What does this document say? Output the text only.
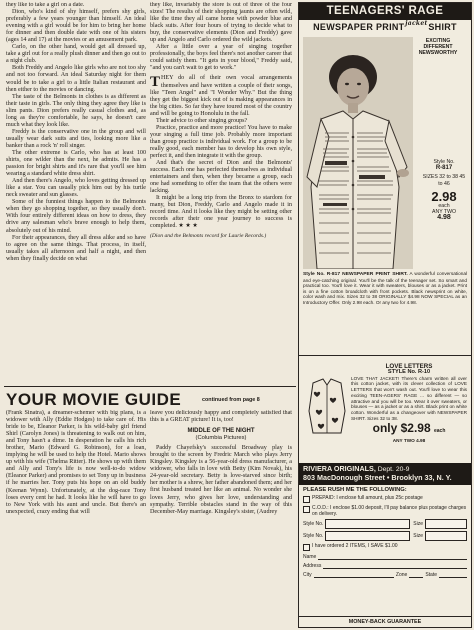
they like to take a girl on a date.

Dion, who's kind of shy himself, prefers shy girls, preferably a few years younger than himself. An ideal evening with a girl would be for him to bring her home for dinner and then double date with one of his sisters (ages 14 and 17) at the movies or an amusement park.

Carlo, on the other hand, would get all dressed up, take a girl out for a really plush dinner and then go out to a night club.

Both Freddy and Angelo like girls who are not too shy and not too forward. An ideal Saturday night for them would be to take a girl to a little Italian restaurant and then either to the movies or dancing.

The taste of the Belmonts in clothes is as different as their taste in girls. The only thing they agree they like is slim pants. Dion prefers really casual clothes and, as long as they're comfortable, he says, he doesn't care much what they look like.

Freddy is the conservative one in the group and will usually wear dark suits and ties, looking more like a banker than a rock 'n' roll singer.

The other extreme is Carlo, who has at least 100 shirts, one wilder than the next, he admits. He has a passion for bright shirts and it's rare that you'll see him wearing a standard white dress shirt.

And then there's Angelo, who loves getting dressed up like a star. You can usually pick him out by his turtle neck sweater and sun glasses.

Some of the funniest things happen to the Belmonts when they go shopping together, so they usually don't. With four entirely different ideas on how to dress, they drive any salesman who's brave enough to help them, absolutely out of his mind.

For their appearances, they all dress alike and so have to agree on the same things. That process, in itself, usually takes all afternoon and half a night, and then when they finally decide on what

they like, invariably the store is out of three of the four sizes! The results of their shopping jaunts are often wild, like the time they all came home with powder blue and black suits. After four hours of trying to decide what to buy, the conservative elements (Dion and Freddy) gave up and Angelo and Carlo ordered the wild jackets.

After a little over a year of singing together professionally, the boys feel there's not another career that could satisfy them. "It gets in your blood," Freddy said, "and you can't wait to get to work."

THEY do all of their own vocal arrangements themselves and have written a couple of their songs, like "Teen Angel" and "I Wonder Why." But the thing they get the biggest kick out of is making appearances in the big cities. So far they have toured most of the country and will be going to Honolulu in the fall.

Their advice to other singing groups?

Practice, practice and more practice! You have to make your singing a full time job. Probably more important than group practice is individual work. For a group to be really good, each member has to develop his own style, perfect it, and then integrate it with the group.

And that's the secret of Dion and the Belmonts' success. Each one has perfected themselves as individual entertainers and then, when they became a group, each one had something to offer the team that the others were lacking.

It might be a long trip from the Bronx to stardom for many, but Dion, Freddy, Carlo and Angelo made it in record time. And it looks like they might be setting other records after their one year journey to success is completed. ★ ★ ★

(Dion and the Belmonts record for Laurie Records.)

YOUR MOVIE GUIDE	continued from page 8

(Frank Sinatra), a dreamer-schemer with big plans, is a widower with Ally (Eddie Hodges) to take care of. His bride to be, Eleanor Parker, is his wild-baby girl friend Shirl (Carolyn Jones) is threatening to walk out on him, and Tony hasn't a dime. In desperation he calls his rich brother, Mario (Edward G. Robinson), for a loan, implying he will be used to help the Hotel. Mario shows up with his wife (Thelma Ritter). He shows up with them and Ally and Tony's life is now well-to-do widow (Eleanor Parker) and promises to set Tony up in business if he marries her. Tony puts his hope on an old buddy (Keenan Wynn). Unfortunately, at the dog-race Tony loses every cent he had. It looks like he will have to go to New York with his aunt and uncle. But there's an unexpected, crazy ending that will

leave you deliciously happy and completely satisfied that this is a GREAT picture! It is, too!

MIDDLE OF THE NIGHT

(Columbia Pictures)

Paddy Chayefsky's successful Broadway play is brought to the screen by Fredric March who plays Jerry Kingsley. Kingsley is a 56-year-old dress manufacturer, a widower, who falls in love with Betty (Kim Novak), his 24-year-old secretary. Betty is love-starved since birth; her mother is a shrew, her father abandoned them; and her first husband treated her like an animal. No wonder she loves Jerry, who gives her love, understanding and sympathy. Terrible obstacles stand in the way of this December-May marriage. Kingsley's sister, (Audrey

TEENAGERS' RAGE
NEWSPAPER PRINT $^{jacket}$ SHIRT
EXCITING DIFFERENT NEWSWORTHY
Style No.
R-817
SIZES 32 to 38 45 to 46
2.98
each
ANY TWO
4.98
Style No. R-817 NEWSPAPER PRINT SHIRT. A wonderful conversational and eye-catching original. You'll be the talk of the teenager set. So smart and practical too. You'll love it. Wear it with sweaters, blouses or as a jacket. Print is on a fine cotton broadcloth with front pockets. Black newsprint on white, color wash and mix. Sizes 32 to 38 ORIGINALLY $4.98 NOW SPECIAL as an Introductory Offer. Only 2.98 each. Or any two for 4.98.
LOVE LETTERS
STYLE No. R-10
LOVE THAT JACKET! There's charm written all over this cotton jacket, with its clever collection of LOVE LETTERS that won't wash out. You'll love to wear this exciting TEEN-AGERS' RAGE ... so different — so attractive and you will be too. Wear it over sweaters, or blouses — as a jacket or as a shirt. Black print on white cotton. Wonderful as a changeover with NEWSPAPER SHIRT. Sizes 32 to 38.
only $2.98 each
ANY TWO 4.98
RIVIERA ORIGINALS, Dept. 20-9
803 MacDonough Street • Brooklyn 33, N. Y.
PLEASE RUSH ME THE FOLLOWING:
PREPAID: I enclose full amount, plus 25c postage
C.O.D.: I enclose $1.00 deposit, I'll pay balance plus postage charges on delivery.
Style No.	Size
Style No.	Size
I have ordered 2 ITEMS, I SAVE $1.00
Name
Address
City	Zone	State
MONEY-BACK GUARANTEE
